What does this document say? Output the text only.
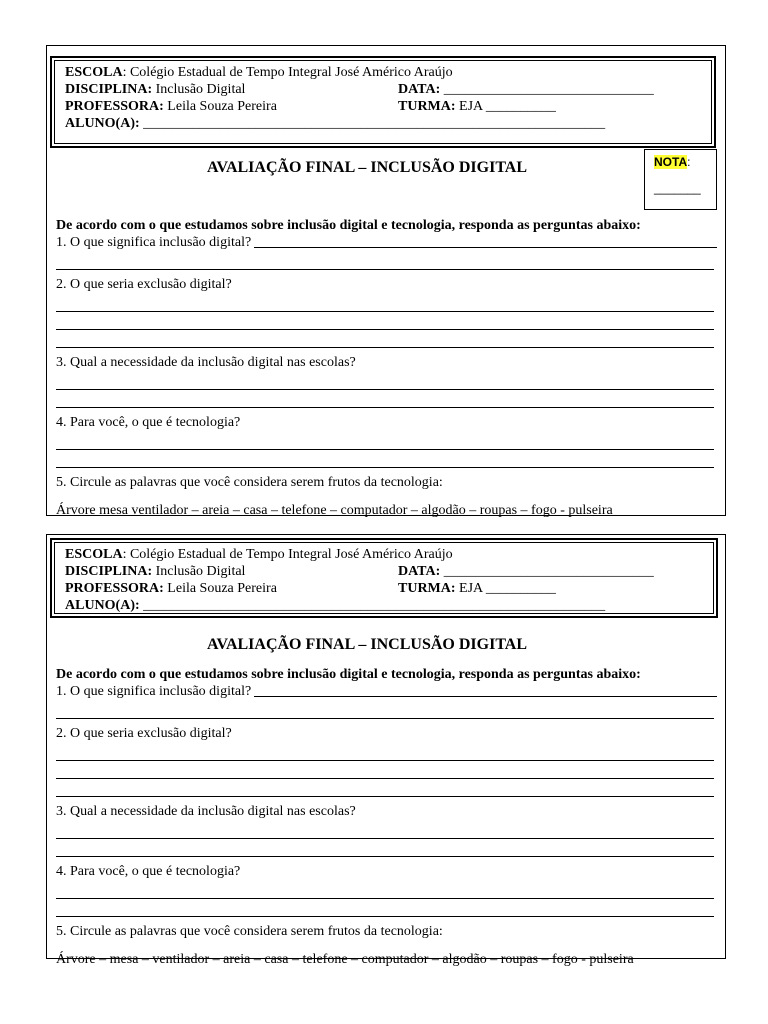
ESCOLA: Colégio Estadual de Tempo Integral José Américo Araújo
DISCIPLINA: Inclusão Digital	DATA: ______________________________
PROFESSORA: Leila Souza Pereira	TURMA: EJA __________
ALUNO(A): __________________________________________________________________
AVALIAÇÃO FINAL – INCLUSÃO DIGITAL	NOTA:
_______
De acordo com o que estudamos sobre inclusão digital e tecnologia, responda as perguntas abaixo:
1. O que significa inclusão digital?
2. O que seria exclusão digital?
3. Qual a necessidade da inclusão digital nas escolas?
4. Para você, o que é tecnologia?
5. Circule as palavras que você considera serem frutos da tecnologia:
Árvore mesa ventilador – areia – casa – telefone – computador – algodão – roupas – fogo - pulseira
ESCOLA: Colégio Estadual de Tempo Integral José Américo Araújo
DISCIPLINA: Inclusão Digital	DATA: ______________________________
PROFESSORA: Leila Souza Pereira	TURMA: EJA __________
ALUNO(A): __________________________________________________________________
AVALIAÇÃO FINAL – INCLUSÃO DIGITAL
De acordo com o que estudamos sobre inclusão digital e tecnologia, responda as perguntas abaixo:
1. O que significa inclusão digital?
2. O que seria exclusão digital?
3. Qual a necessidade da inclusão digital nas escolas?
4. Para você, o que é tecnologia?
5. Circule as palavras que você considera serem frutos da tecnologia:
Árvore – mesa – ventilador – areia – casa – telefone – computador – algodão – roupas – fogo - pulseira
